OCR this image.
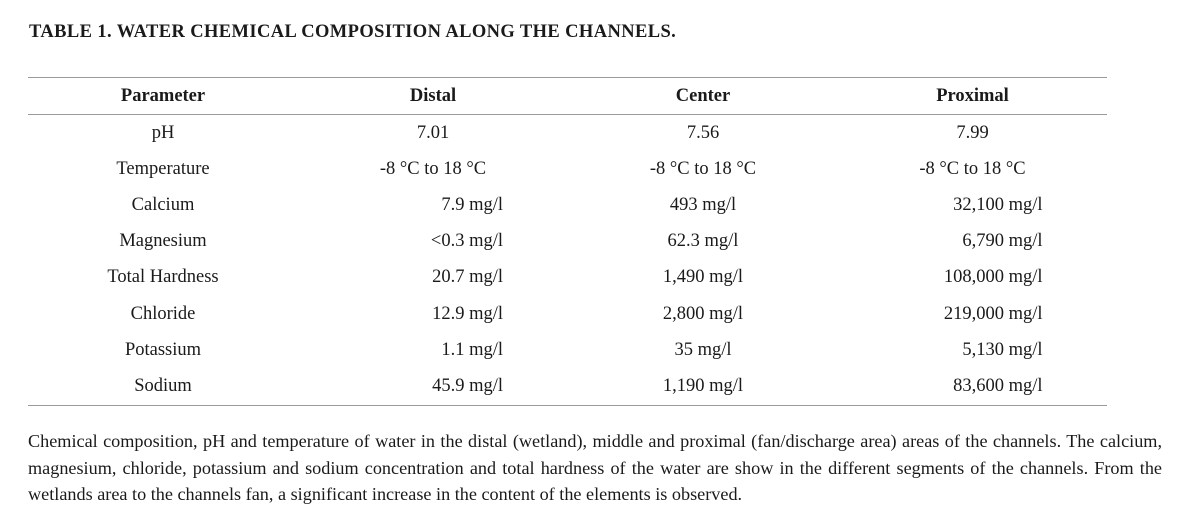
TABLE 1. WATER CHEMICAL COMPOSITION ALONG THE CHANNELS.
Parameter	Distal	Center	Proximal
pH	7.01	7.56	7.99
Temperature	-8 °C to 18 °C	-8 °C to 18 °C	-8 °C to 18 °C
Calcium	7.9 mg/l	493 mg/l	32,100 mg/l
Magnesium	<0.3 mg/l	62.3 mg/l	6,790 mg/l
Total Hardness	20.7 mg/l	1,490 mg/l	108,000 mg/l
Chloride	12.9 mg/l	2,800 mg/l	219,000 mg/l
Potassium	1.1 mg/l	35 mg/l	5,130 mg/l
Sodium	45.9 mg/l	1,190 mg/l	83,600 mg/l
Chemical composition, pH and temperature of water in the distal (wetland), middle and proximal (fan/discharge area) areas of the channels. The calcium, magnesium, chloride, potassium and sodium concentration and total hardness of the water are show in the different segments of the channels. From the wetlands area to the channels fan, a significant increase in the content of the elements is observed.
